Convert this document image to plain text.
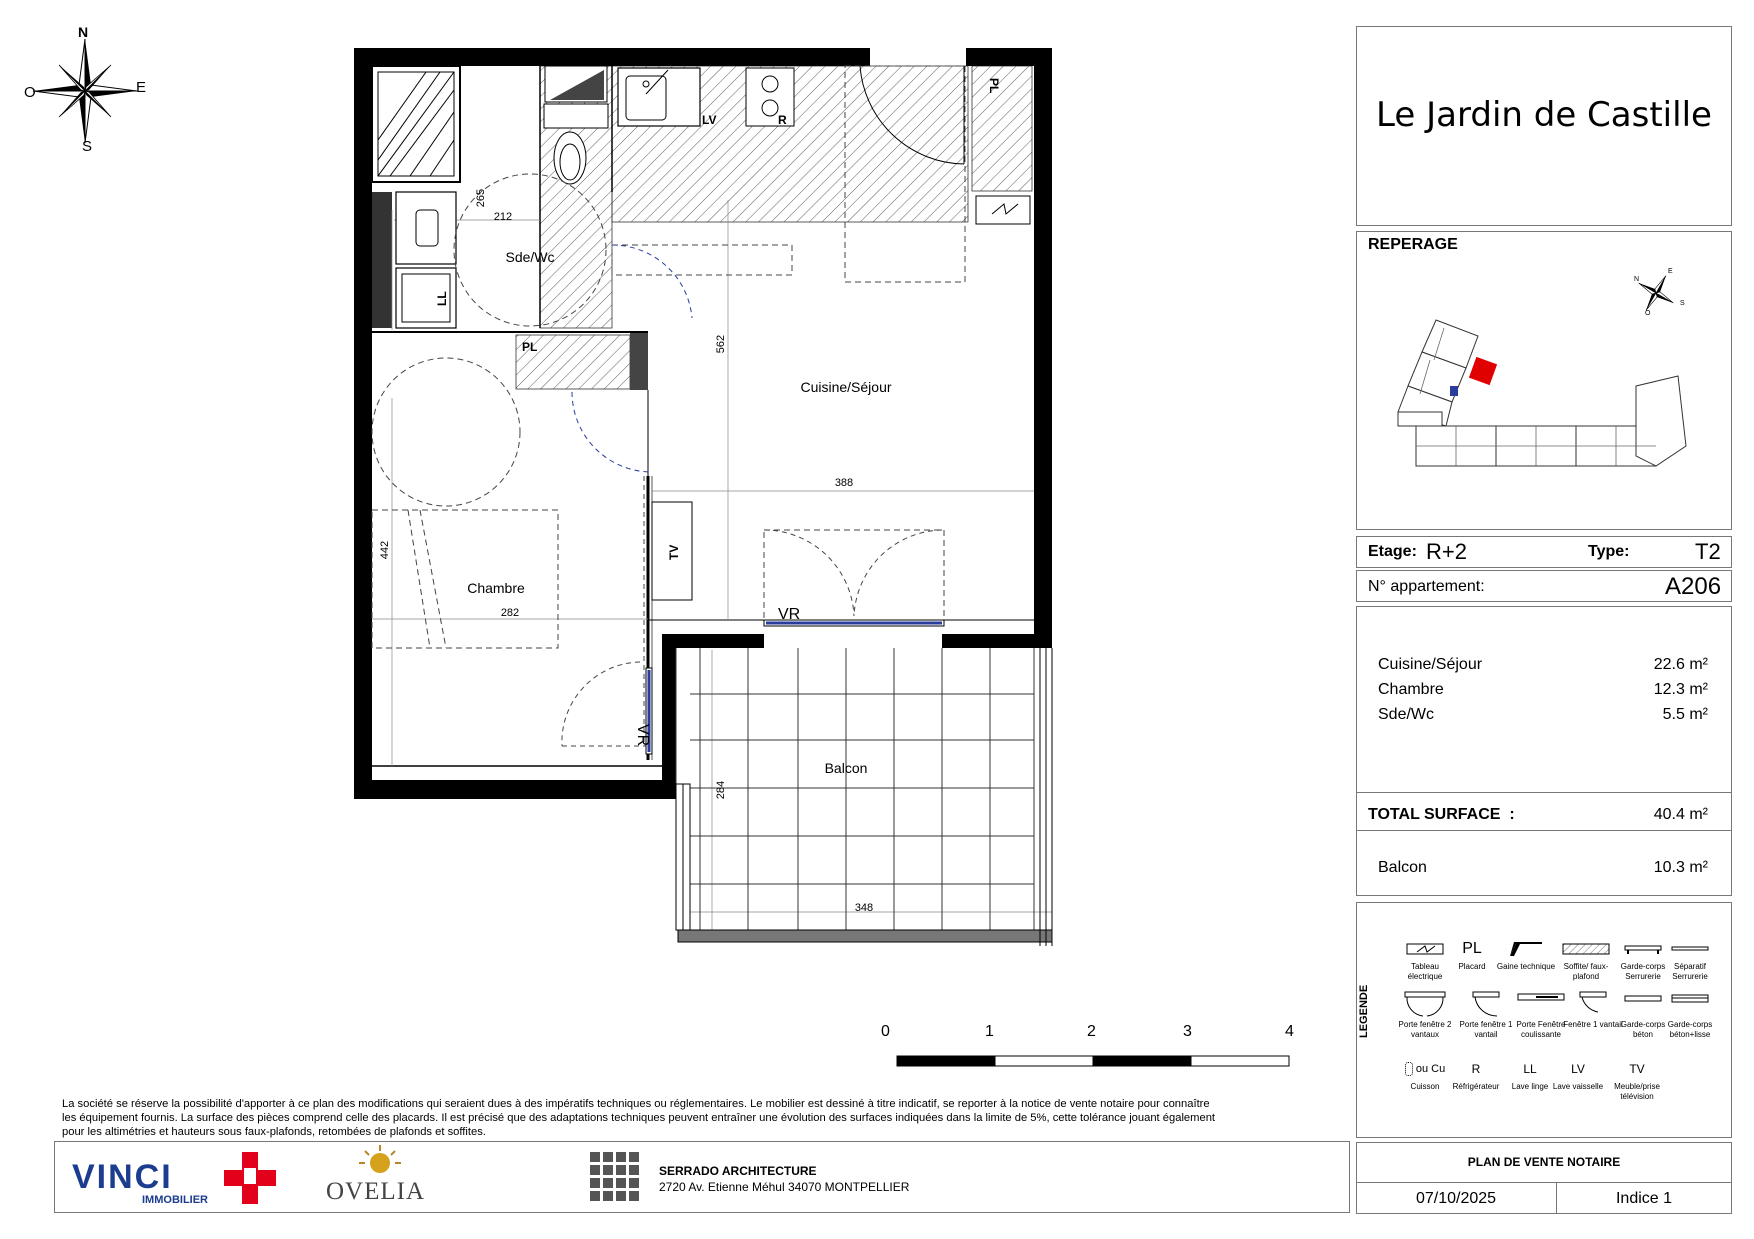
N
S
E
O
Sde/Wc
Cuisine/Séjour
Chambre
Balcon
212
265
562
388
442
282
284
348
PL
PL
LV	R
LL
TV
VR
VR
0	1	2	3	4
La société se réserve la possibilité d'apporter à ce plan des modifications qui seraient dues à des impératifs techniques ou réglementaires. Le mobilier est dessiné à titre indicatif, se reporter à la notice de vente notaire pour connaître
les équipement fournis. La surface des pièces comprend celle des placards. Il est précisé que des adaptations techniques peuvent entraîner une évolution des surfaces indiquées dans la limite de 5%, cette tolérance jouant également
pour les altimétries et hauteurs sous faux-plafonds, retombées de plafonds et soffites.
VINCI
IMMOBILIER	OVELIA
SERRADO ARCHITECTURE
2720 Av. Etienne Méhul 34070 MONTPELLIER
Le Jardin de Castille
REPERAGE
N
E
S
O
Etage: R+2	Type:	T2
N° appartement:	A206
Cuisine/Séjour	22.6 m²
Chambre	12.3 m²
Sde/Wc	5.5 m²
TOTAL SURFACE  :	40.4 m²
Balcon	10.3 m²
LEGENDE
Tableau électrique
PL
Placard	Gaine technique	Soffite/ faux-plafond
Garde-corps Serrurerie
Séparatif Serrurerie
Porte fenêtre 2 vantaux
Porte fenêtre 1 vantail
Porte Fenêtre coulissante
Fenêtre 1 vantail
Garde-corps béton
Garde-corps béton+lisse
ou Cu
Cuisson
R
Réfrigérateur
LL
Lave linge
LV
Lave vaisselle
TV
Meuble/prise télévision
PLAN DE VENTE NOTAIRE
07/10/2025	Indice 1
